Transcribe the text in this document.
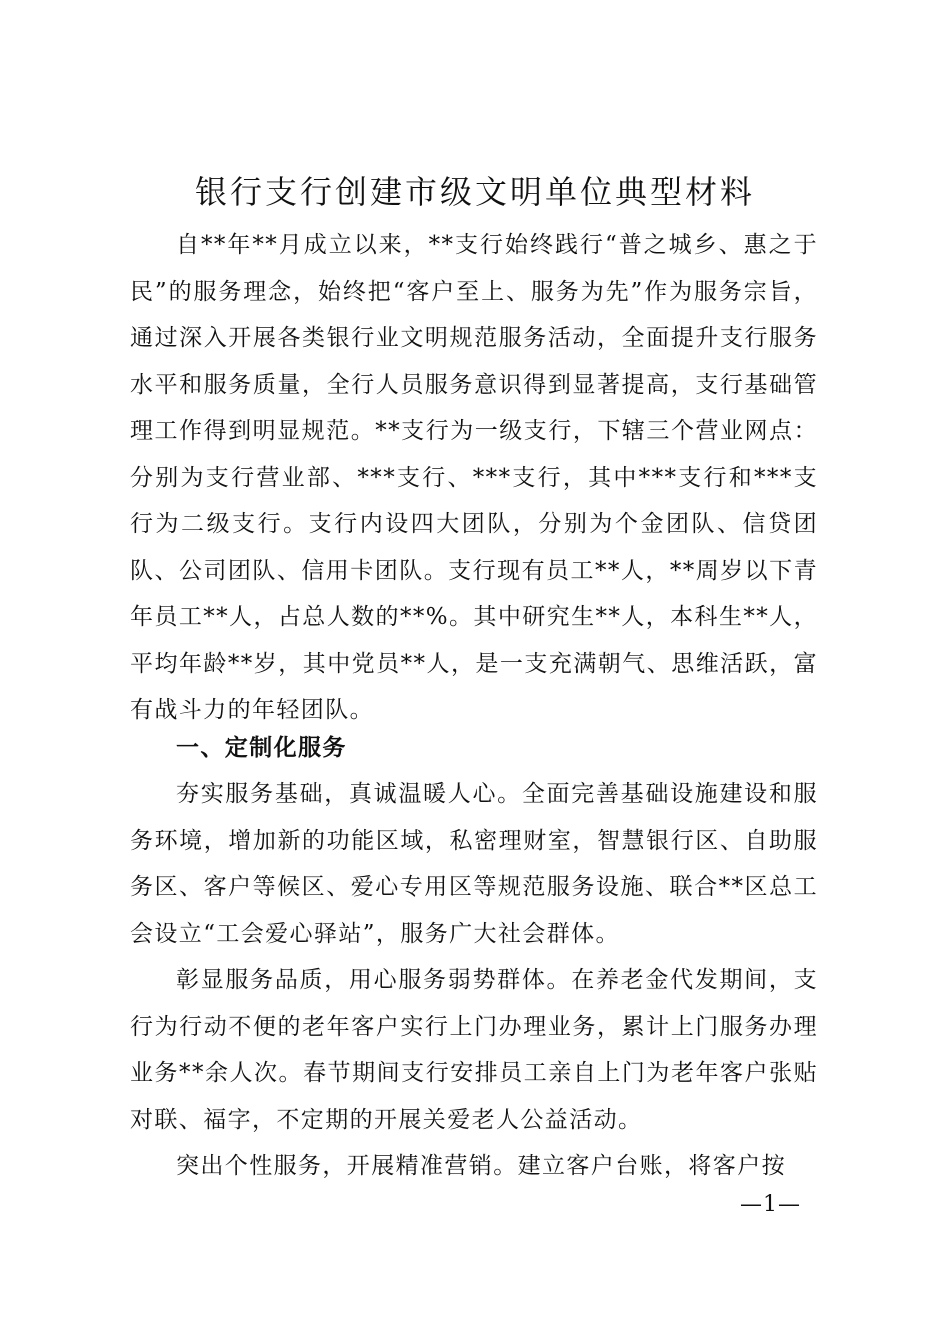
银行支行创建市级文明单位典型材料

自**年**月成立以来，**支行始终践行“普之城乡、惠之于民”的服务理念，始终把“客户至上、服务为先”作为服务宗旨，通过深入开展各类银行业文明规范服务活动，全面提升支行服务水平和服务质量，全行人员服务意识得到显著提高，支行基础管理工作得到明显规范。**支行为一级支行，下辖三个营业网点：分别为支行营业部、***支行、***支行，其中***支行和***支行为二级支行。支行内设四大团队，分别为个金团队、信贷团队、公司团队、信用卡团队。支行现有员工**人，**周岁以下青年员工**人，占总人数的**%。其中研究生**人，本科生**人，平均年龄**岁，其中党员**人，是一支充满朝气、思维活跃，富有战斗力的年轻团队。

一、定制化服务

夯实服务基础，真诚温暖人心。全面完善基础设施建设和服务环境，增加新的功能区域，私密理财室，智慧银行区、自助服务区、客户等候区、爱心专用区等规范服务设施、联合**区总工会设立“工会爱心驿站”，服务广大社会群体。

彰显服务品质，用心服务弱势群体。在养老金代发期间，支行为行动不便的老年客户实行上门办理业务，累计上门服务办理业务**余人次。春节期间支行安排员工亲自上门为老年客户张贴对联、福字，不定期的开展关爱老人公益活动。

突出个性服务，开展精准营销。建立客户台账，将客户按

—1—
